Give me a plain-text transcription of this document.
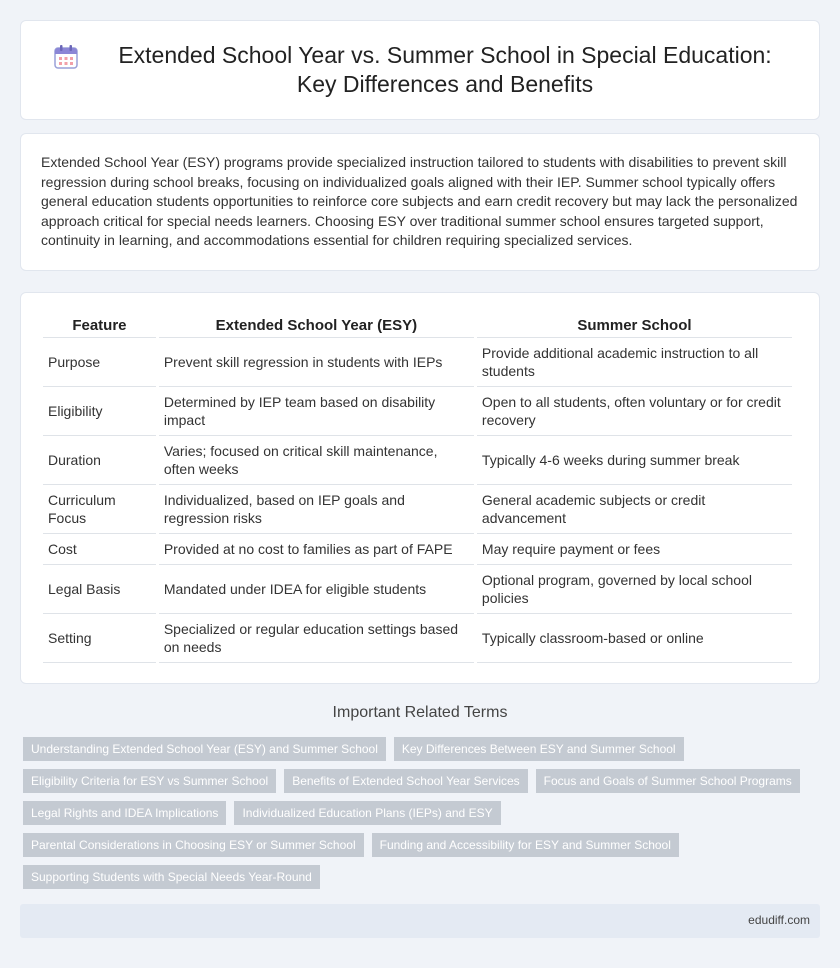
Extended School Year vs. Summer School in Special Education: Key Differences and Benefits

Extended School Year (ESY) programs provide specialized instruction tailored to students with disabilities to prevent skill regression during school breaks, focusing on individualized goals aligned with their IEP. Summer school typically offers general education students opportunities to reinforce core subjects and earn credit recovery but may lack the personalized approach critical for special needs learners. Choosing ESY over traditional summer school ensures targeted support, continuity in learning, and accommodations essential for children requiring specialized services.

Feature	Extended School Year (ESY)	Summer School
Purpose	Prevent skill regression in students with IEPs	Provide additional academic instruction to all students
Eligibility	Determined by IEP team based on disability impact	Open to all students, often voluntary or for credit recovery
Duration	Varies; focused on critical skill maintenance, often weeks	Typically 4-6 weeks during summer break
Curriculum Focus	Individualized, based on IEP goals and regression risks	General academic subjects or credit advancement
Cost	Provided at no cost to families as part of FAPE	May require payment or fees
Legal Basis	Mandated under IDEA for eligible students	Optional program, governed by local school policies
Setting	Specialized or regular education settings based on needs	Typically classroom-based or online
Important Related Terms
Understanding Extended School Year (ESY) and Summer School	Key Differences Between ESY and Summer School
Eligibility Criteria for ESY vs Summer School	Benefits of Extended School Year Services	Focus and Goals of Summer School Programs
Legal Rights and IDEA Implications	Individualized Education Plans (IEPs) and ESY
Parental Considerations in Choosing ESY or Summer School	Funding and Accessibility for ESY and Summer School
Supporting Students with Special Needs Year-Round
edudiff.com
